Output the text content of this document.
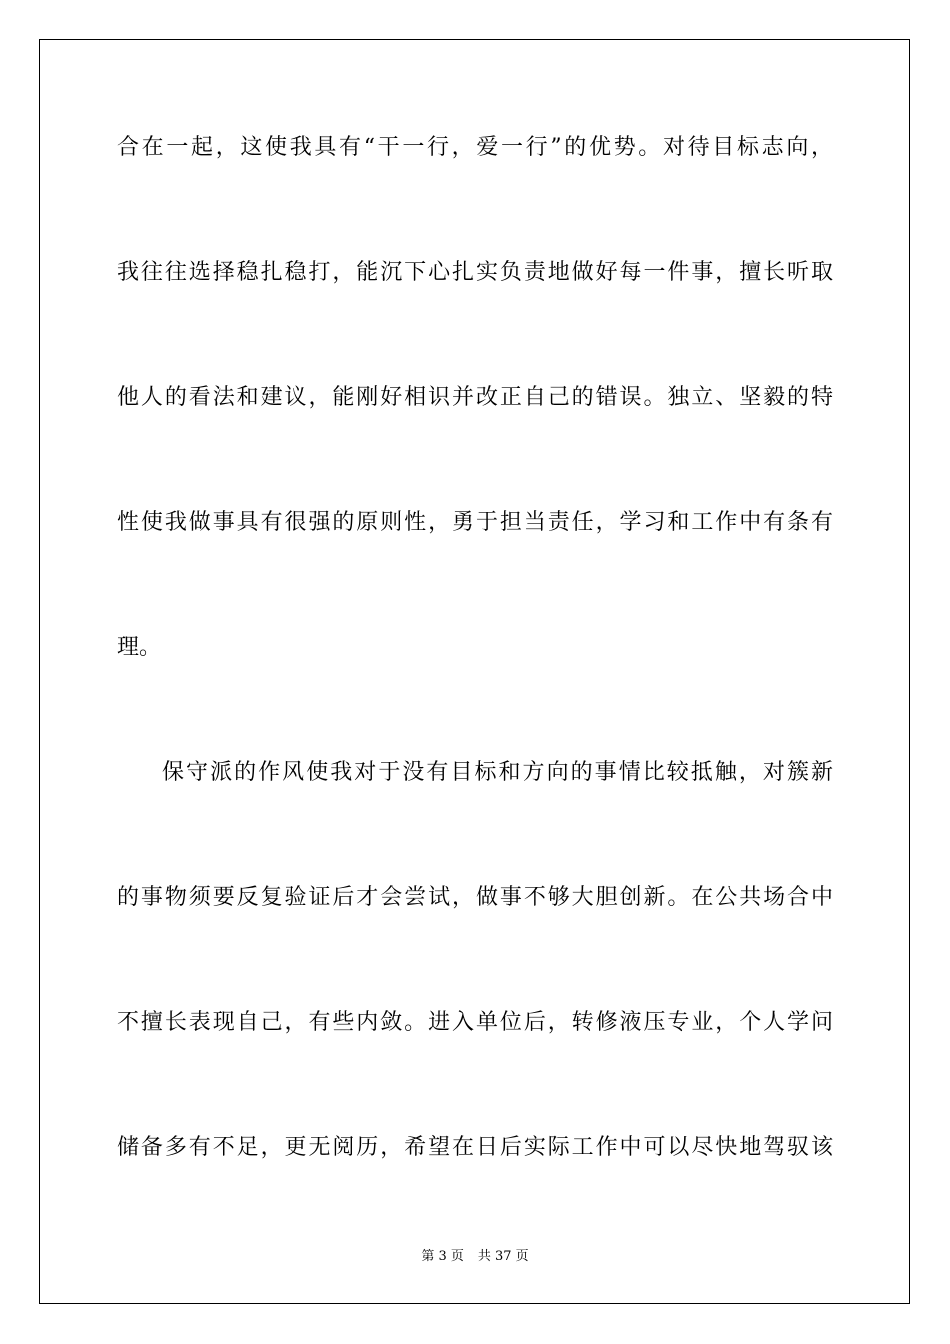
合在一起，这使我具有“干一行，爱一行”的优势。对待目标志向，
我往往选择稳扎稳打，能沉下心扎实负责地做好每一件事，擅长听取
他人的看法和建议，能刚好相识并改正自己的错误。独立、坚毅的特
性使我做事具有很强的原则性，勇于担当责任，学习和工作中有条有
理。
保守派的作风使我对于没有目标和方向的事情比较抵触，对簇新
的事物须要反复验证后才会尝试，做事不够大胆创新。在公共场合中
不擅长表现自己，有些内敛。进入单位后，转修液压专业，个人学问
储备多有不足，更无阅历，希望在日后实际工作中可以尽快地驾驭该
第 3 页 共 37 页
